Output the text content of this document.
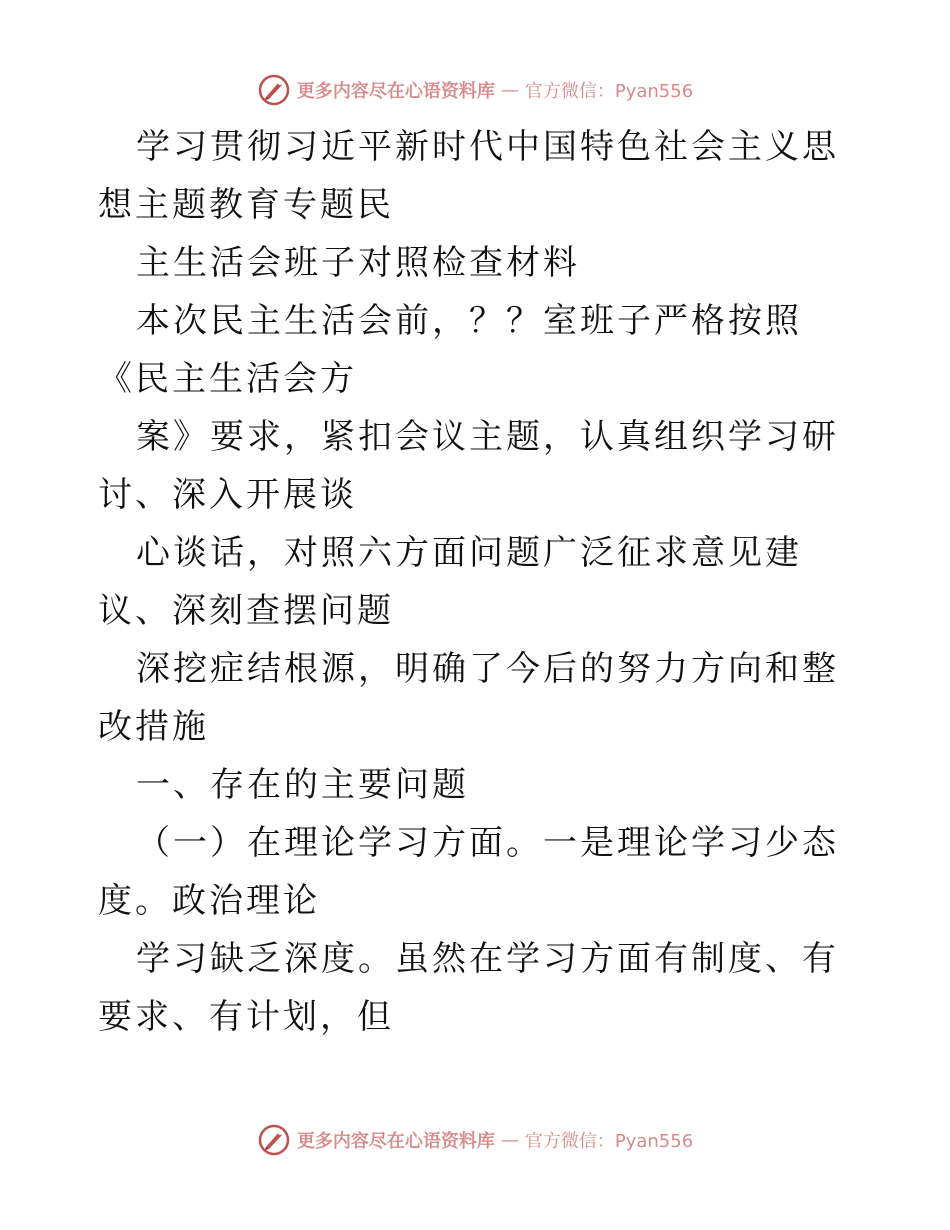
更多内容尽在心语资料库 — 官方微信：Pyan556

学习贯彻习近平新时代中国特色社会主义思想主题教育专题民

主生活会班子对照检查材料

本次民主生活会前，？？室班子严格按照《民主生活会方

案》要求，紧扣会议主题，认真组织学习研讨、深入开展谈

心谈话，对照六方面问题广泛征求意见建议、深刻查摆问题

深挖症结根源，明确了今后的努力方向和整改措施

一、存在的主要问题

（一）在理论学习方面。一是理论学习少态度。政治理论

学习缺乏深度。虽然在学习方面有制度、有要求、有计划，但

更多内容尽在心语资料库 — 官方微信：Pyan556
